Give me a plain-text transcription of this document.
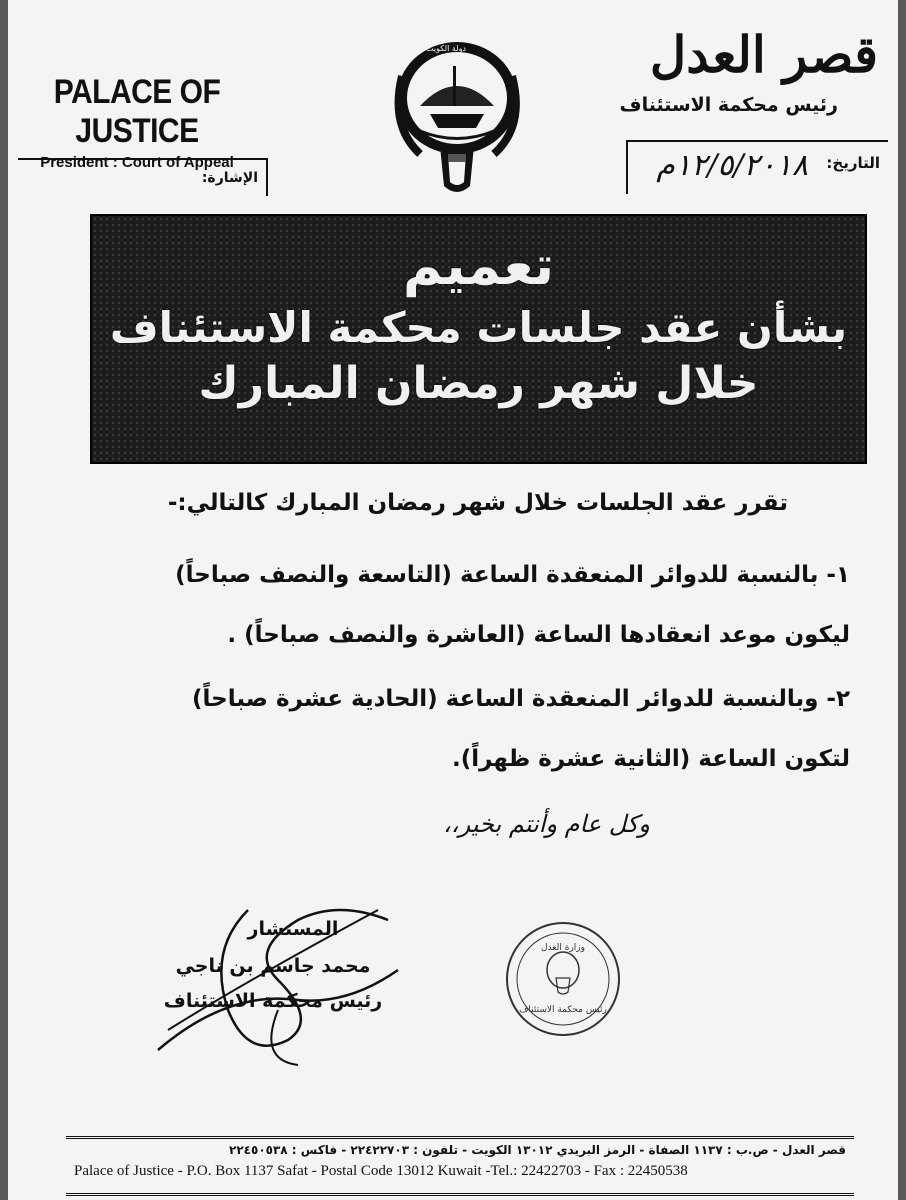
PALACE OF JUSTICE
President : Court of Appeal
دولة الكويت	قصر العدل
رئيس محكمة الاستئناف
الإشارة:
التاريخ:
١٢/٥/٢٠١٨م
تعميم
بشأن عقد جلسات محكمة الاستئناف
خلال شهر رمضان المبارك

تقرر عقد الجلسات خلال شهر رمضان المبارك كالتالي:-

١- بالنسبة للدوائر المنعقدة الساعة (التاسعة والنصف صباحاً)

ليكون موعد انعقادها الساعة (العاشرة والنصف صباحاً) .

٢- وبالنسبة للدوائر المنعقدة الساعة (الحادية عشرة صباحاً)

لتكون الساعة (الثانية عشرة ظهراً).

وكل عام وأنتم بخير،،

المستشار
محمد جاسم بن ناجي
رئيس محكمة الاستئناف	رئيس محكمة الاستئناف
وزارة العدل
قصر العدل - ص.ب : ١١٣٧ الصفاة - الرمز البريدي ١٣٠١٢ الكويت - تلفون : ٢٢٤٢٢٧٠٣ - فاكس : ٢٢٤٥٠٥٣٨
Palace of Justice - P.O. Box 1137 Safat - Postal Code 13012 Kuwait -Tel.: 22422703 - Fax : 22450538
